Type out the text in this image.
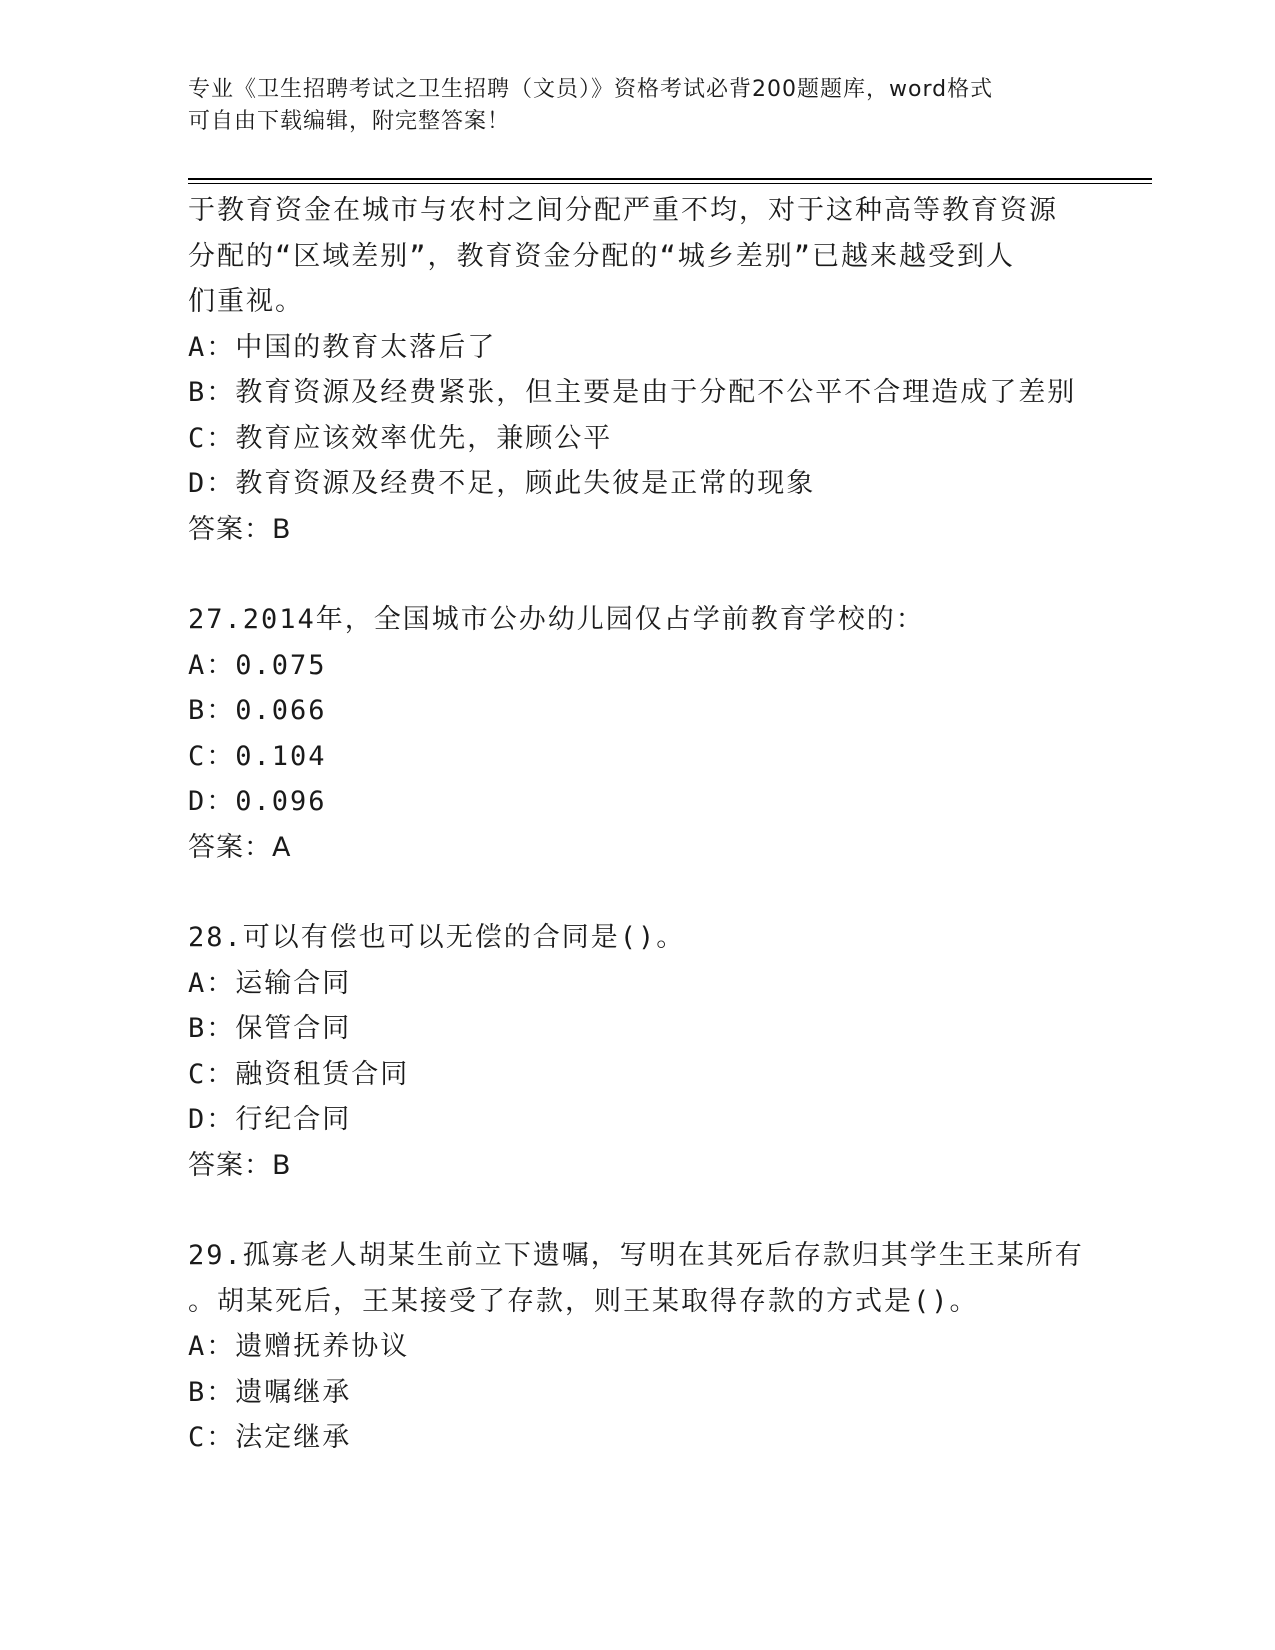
专业《卫生招聘考试之卫生招聘（文员）》资格考试必背200题题库，word格式
可自由下载编辑，附完整答案！
于教育资金在城市与农村之间分配严重不均，对于这种高等教育资源
分配的“区域差别”，教育资金分配的“城乡差别”已越来越受到人
们重视。
A：中国的教育太落后了
B：教育资源及经费紧张，但主要是由于分配不公平不合理造成了差别
C：教育应该效率优先，兼顾公平
D：教育资源及经费不足，顾此失彼是正常的现象
答案：B
27.2014年，全国城市公办幼儿园仅占学前教育学校的：
A：0.075
B：0.066
C：0.104
D：0.096
答案：A
28.可以有偿也可以无偿的合同是()。
A：运输合同
B：保管合同
C：融资租赁合同
D：行纪合同
答案：B
29.孤寡老人胡某生前立下遗嘱，写明在其死后存款归其学生王某所有
。胡某死后，王某接受了存款，则王某取得存款的方式是()。
A：遗赠抚养协议
B：遗嘱继承
C：法定继承
